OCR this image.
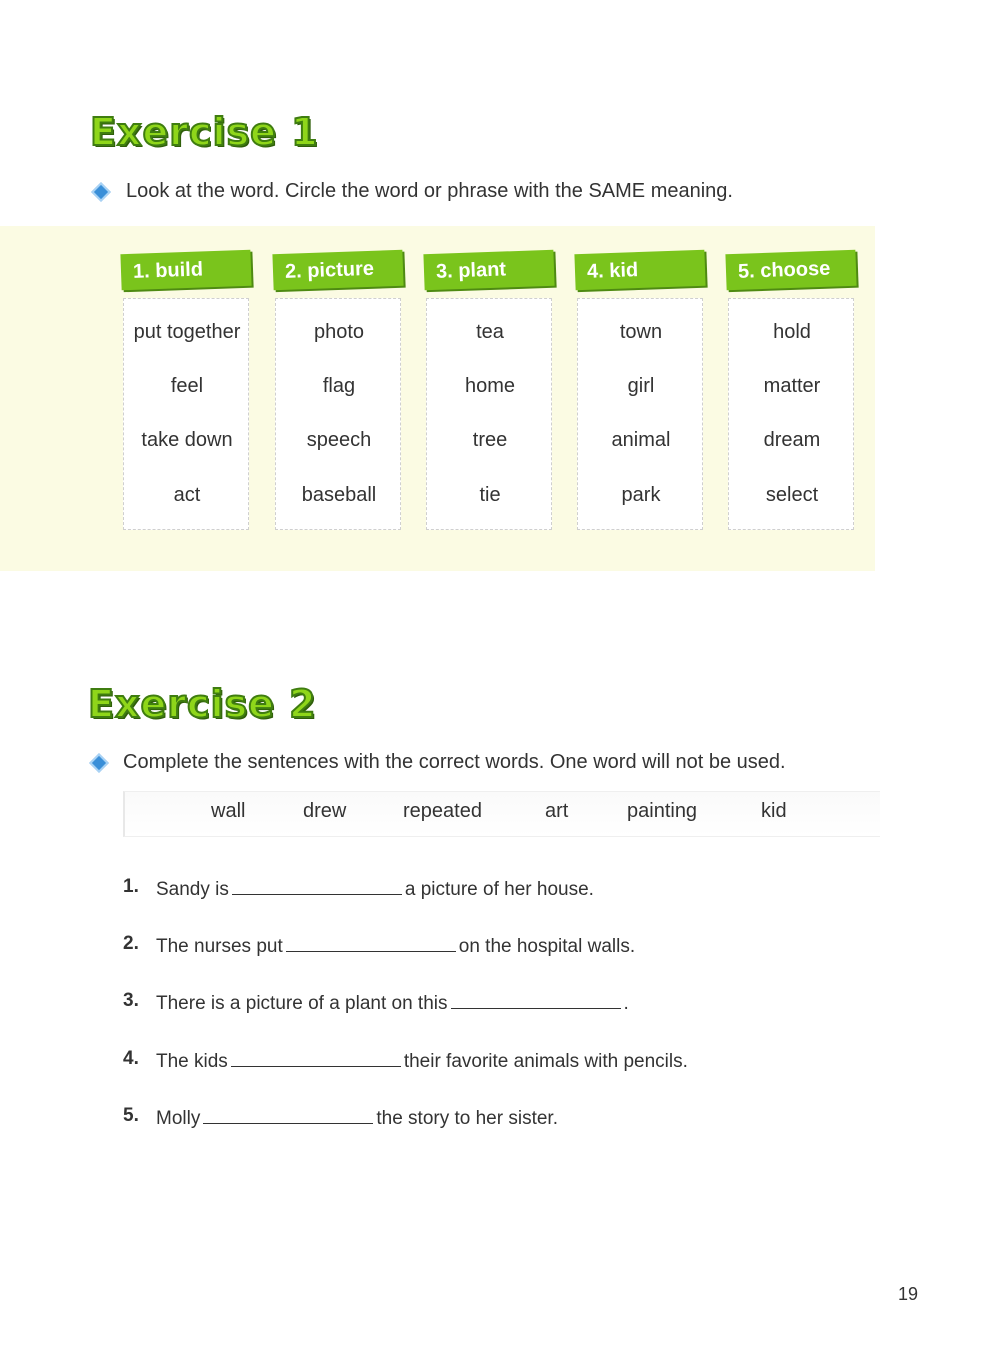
Exercise 1
Look at the word. Circle the word or phrase with the SAME meaning.
1. build
put together
feel
take down
act
2. picture
photo
flag
speech
baseball
3. plant
tea
home
tree
tie
4. kid
town
girl
animal
park
5. choose
hold
matter
dream
select
Exercise 2
Complete the sentences with the correct words. One word will not be used.
wall	drew	repeated	art	painting	kid
1. Sandy is	a picture of her house.
2. The nurses put	on the hospital walls.
3. There is a picture of a plant on this	.
4. The kids	their favorite animals with pencils.
5. Molly	the story to her sister.
19
